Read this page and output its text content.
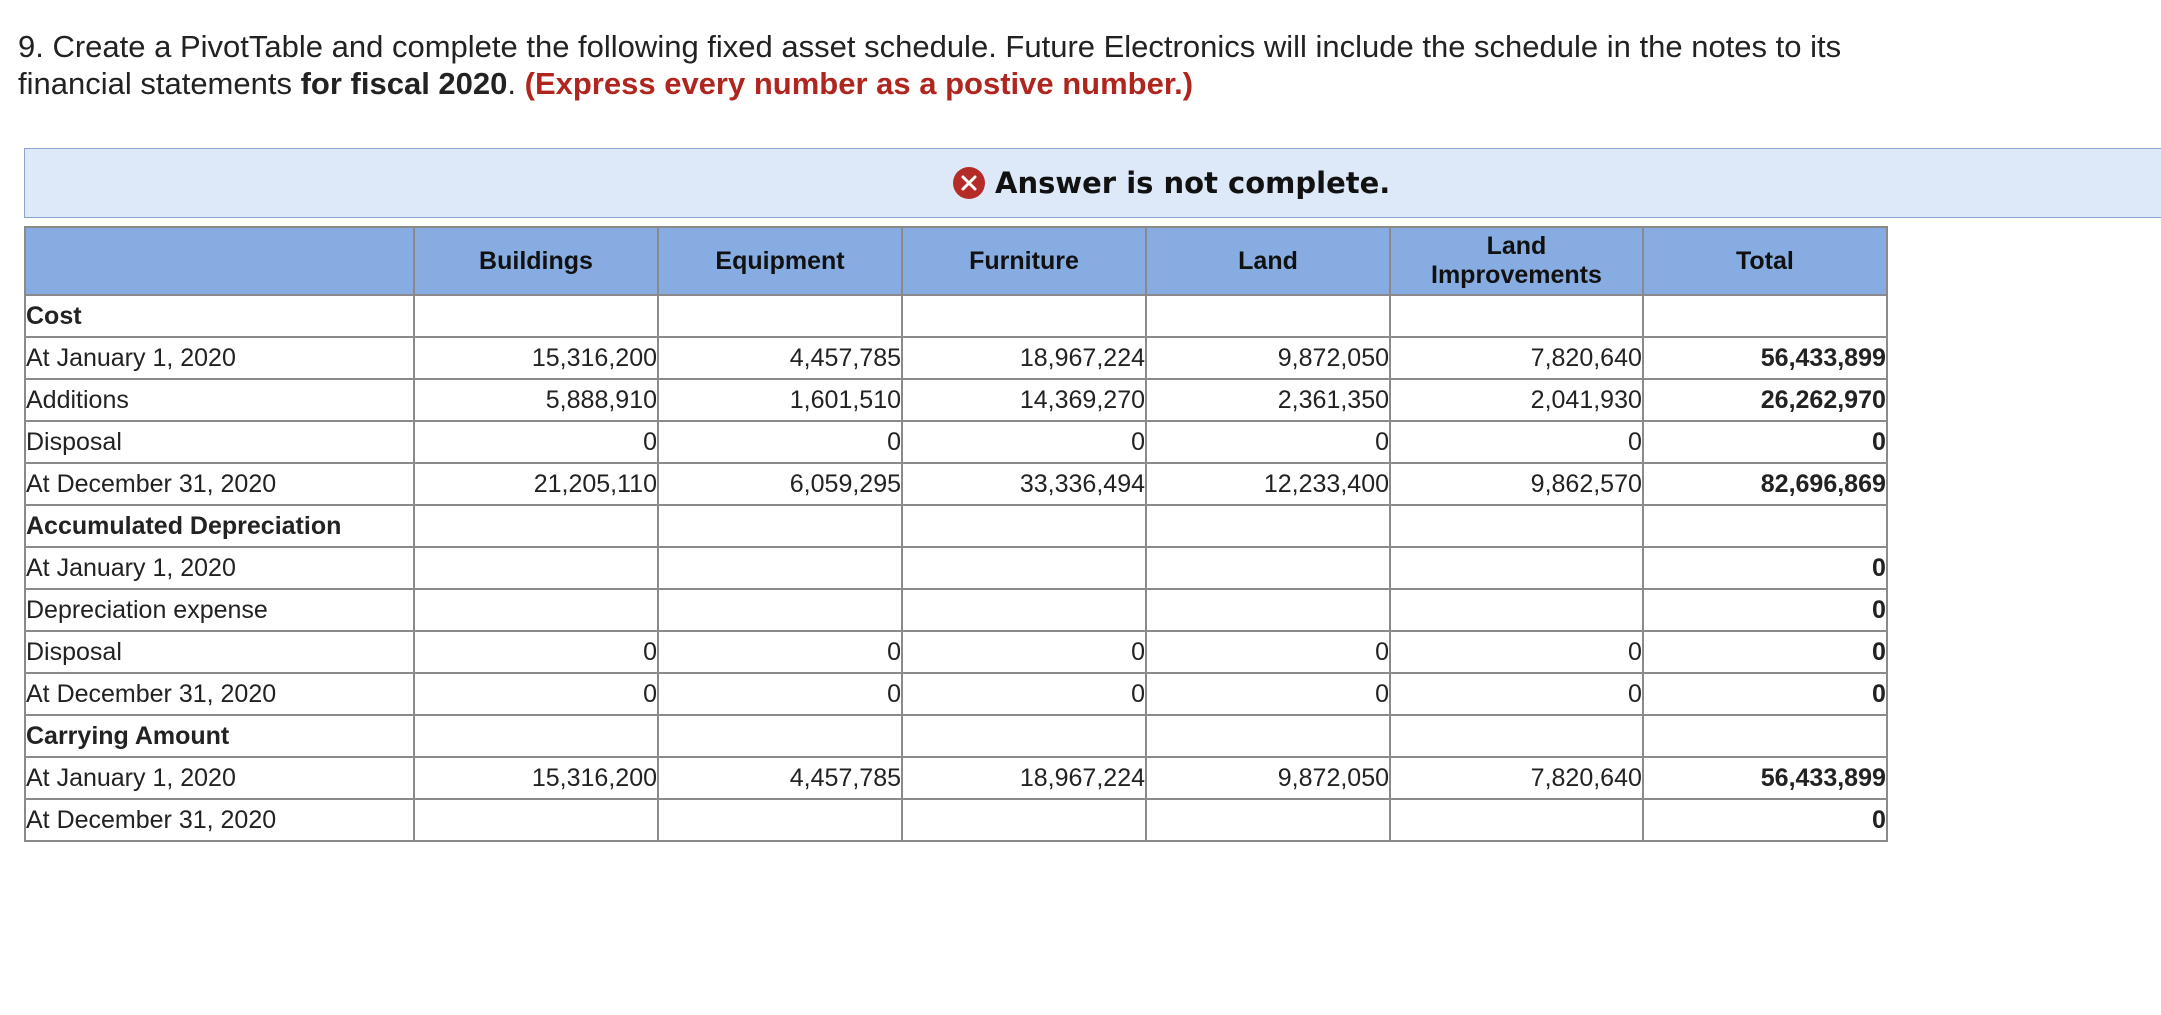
9. Create a PivotTable and complete the following fixed asset schedule. Future Electronics will include the schedule in the notes to its
financial statements for fiscal 2020. (Express every number as a postive number.)
Answer is not complete.
	Buildings	Equipment	Furniture	Land	Land Improvements	Total
Cost						
At January 1, 2020	15,316,200	4,457,785	18,967,224	9,872,050	7,820,640	56,433,899
Additions	5,888,910	1,601,510	14,369,270	2,361,350	2,041,930	26,262,970
Disposal	0	0	0	0	0	0
At December 31, 2020	21,205,110	6,059,295	33,336,494	12,233,400	9,862,570	82,696,869
Accumulated Depreciation						
At January 1, 2020						0
Depreciation expense						0
Disposal	0	0	0	0	0	0
At December 31, 2020	0	0	0	0	0	0
Carrying Amount						
At January 1, 2020	15,316,200	4,457,785	18,967,224	9,872,050	7,820,640	56,433,899
At December 31, 2020						0
